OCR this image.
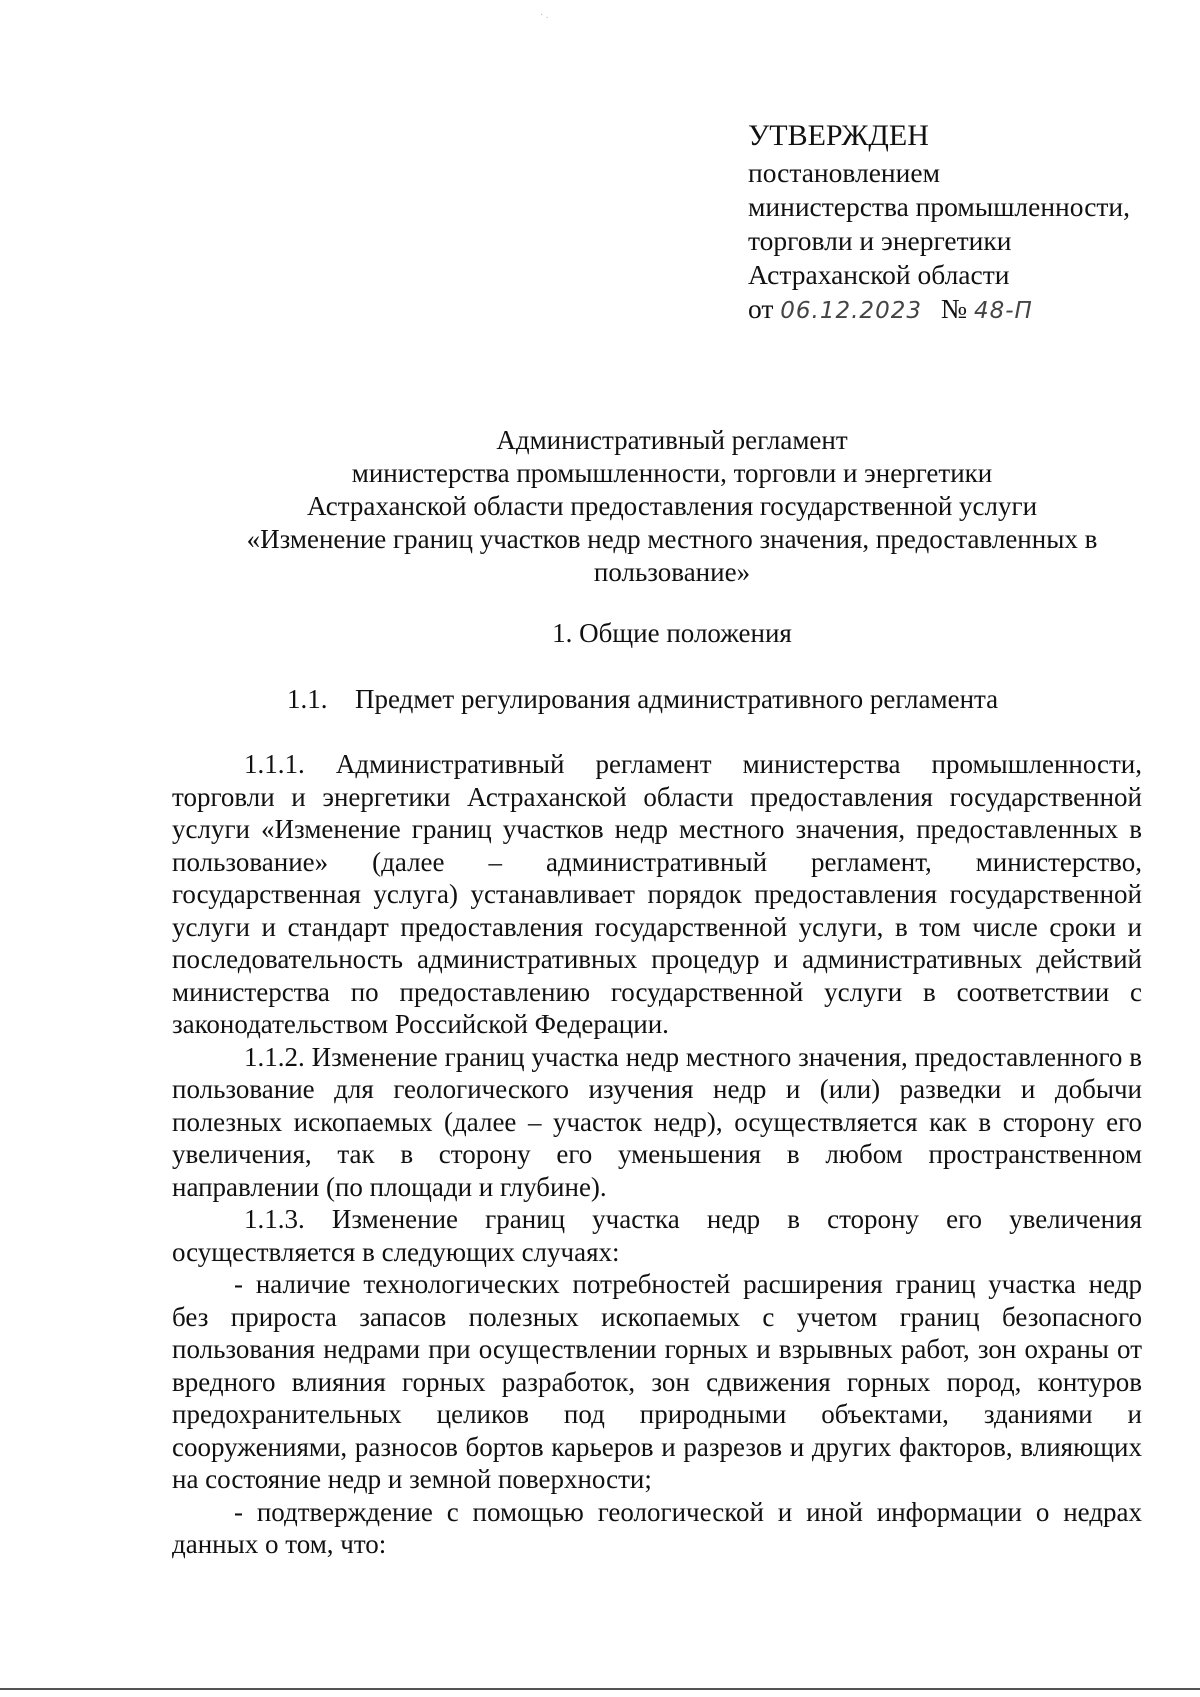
· .
УТВЕРЖДЕН
постановлением
министерства промышленности,
торговли и энергетики
Астраханской области
от 06.12.2023 № 48-П
Административный регламент
министерства промышленности, торговли и энергетики
Астраханской области предоставления государственной услуги
«Изменение границ участков недр местного значения, предоставленных в
пользование»
1. Общие положения
1.1. Предмет регулирования административного регламента

1.1.1. Административный регламент министерства промышленности, торговли и энергетики Астраханской области предоставления государственной услуги «Изменение границ участков недр местного значения, предоставленных в пользование» (далее – административный регламент, министерство, государственная услуга) устанавливает порядок предоставления государственной услуги и стандарт предоставления государственной услуги, в том числе сроки и последовательность административных процедур и административных действий министерства по предоставлению государственной услуги в соответствии с законодательством Российской Федерации.

1.1.2. Изменение границ участка недр местного значения, предоставленного в пользование для геологического изучения недр и (или) разведки и добычи полезных ископаемых (далее – участок недр), осуществляется как в сторону его увеличения, так в сторону его уменьшения в любом пространственном направлении (по площади и глубине).

1.1.3. Изменение границ участка недр в сторону его увеличения осуществляется в следующих случаях:

- наличие технологических потребностей расширения границ участка недр без прироста запасов полезных ископаемых с учетом границ безопасного пользования недрами при осуществлении горных и взрывных работ, зон охраны от вредного влияния горных разработок, зон сдвижения горных пород, контуров предохранительных целиков под природными объектами, зданиями и сооружениями, разносов бортов карьеров и разрезов и других факторов, влияющих на состояние недр и земной поверхности;

- подтверждение с помощью геологической и иной информации о недрах данных о том, что:
